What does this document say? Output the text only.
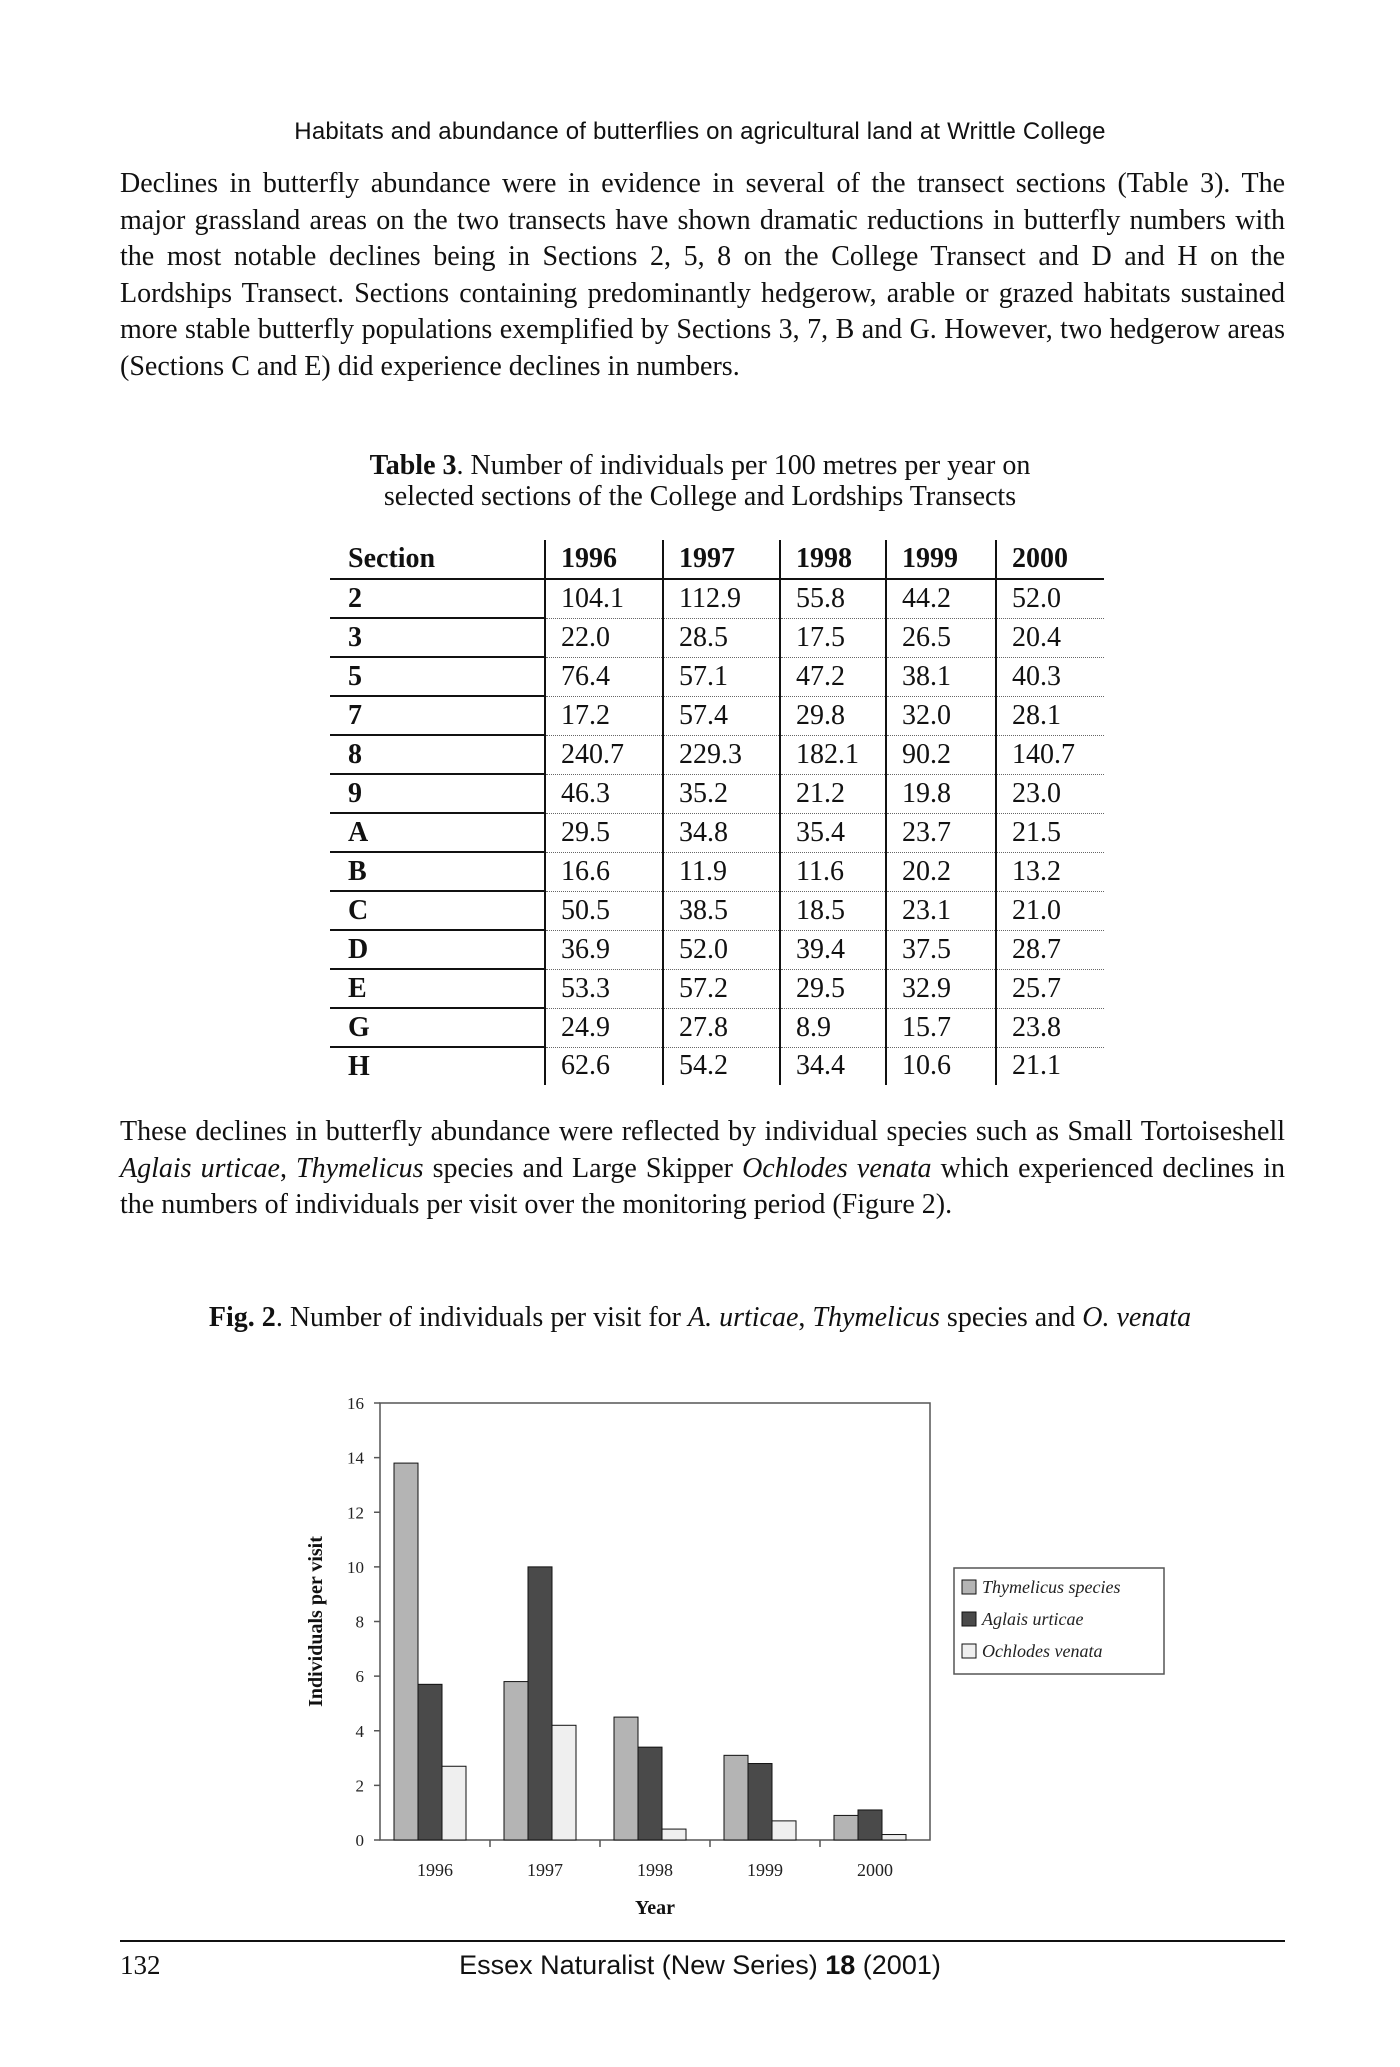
Habitats and abundance of butterflies on agricultural land at Writtle College
Declines in butterfly abundance were in evidence in several of the transect sections (Table 3). The major grassland areas on the two transects have shown dramatic reductions in butterfly numbers with the most notable declines being in Sections 2, 5, 8 on the College Transect and D and H on the Lordships Transect. Sections containing predominantly hedgerow, arable or grazed habitats sustained more stable butterfly populations exemplified by Sections 3, 7, B and G. However, two hedgerow areas (Sections C and E) did experience declines in numbers.
Table 3. Number of individuals per 100 metres per year on
selected sections of the College and Lordships Transects
Section	1996	1997	1998	1999	2000
2	104.1	112.9	55.8	44.2	52.0
3	22.0	28.5	17.5	26.5	20.4
5	76.4	57.1	47.2	38.1	40.3
7	17.2	57.4	29.8	32.0	28.1
8	240.7	229.3	182.1	90.2	140.7
9	46.3	35.2	21.2	19.8	23.0
A	29.5	34.8	35.4	23.7	21.5
B	16.6	11.9	11.6	20.2	13.2
C	50.5	38.5	18.5	23.1	21.0
D	36.9	52.0	39.4	37.5	28.7
E	53.3	57.2	29.5	32.9	25.7
G	24.9	27.8	8.9	15.7	23.8
H	62.6	54.2	34.4	10.6	21.1
These declines in butterfly abundance were reflected by individual species such as Small Tortoiseshell Aglais urticae, Thymelicus species and Large Skipper Ochlodes venata which experienced declines in the numbers of individuals per visit over the monitoring period (Figure 2).
Fig. 2. Number of individuals per visit for A. urticae, Thymelicus species and O. venata
0
2
4
6
8
10
12
14
16
1996	1997	1998	1999	2000
Year
Individuals per visit	Thymelicus species
Aglais urticae
Ochlodes venata
132	Essex Naturalist (New Series) 18 (2001)
